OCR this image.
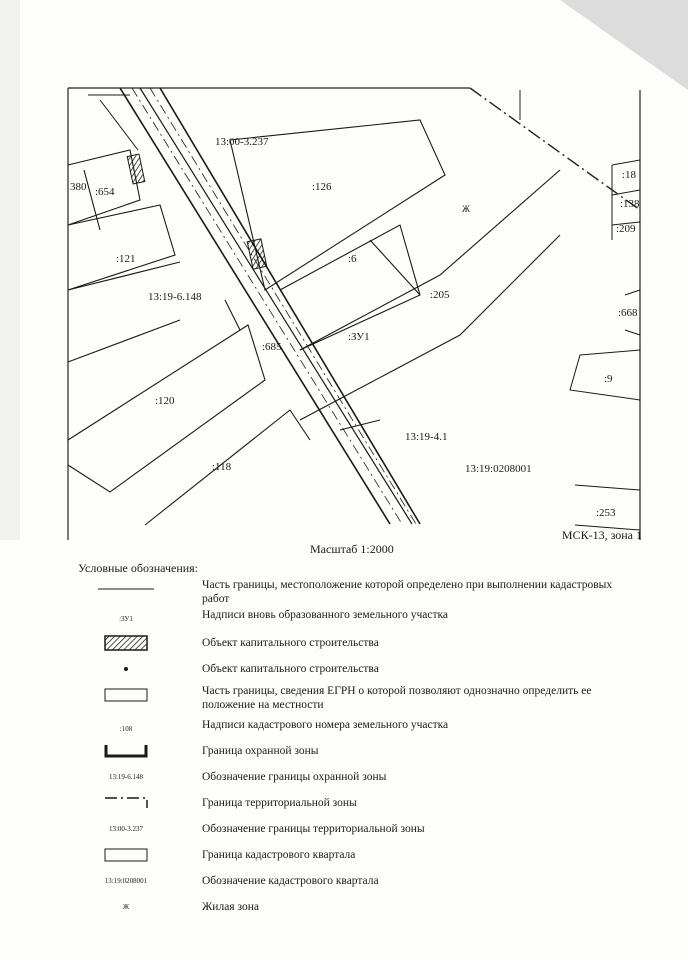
13:00-3.237
380 :654
:121
:126
:6
13:19-6.148	:205
:685
:ЗУ1
:120
13:19-4.1
:118	13:19:0208001
:18
:138
:209
:668
:9
:253
Ж
Масштаб 1:2000
МСК-13, зона 1
Условные обозначения:
Часть границы, местоположение которой определено при выполнении кадастровых работ
:ЗУ1	Надписи вновь образованного земельного участка
Объект капитального строительства
Объект капитального строительства
Часть границы, сведения ЕГРН о которой позволяют однозначно определить ее положение на местности
:108	Надписи кадастрового номера земельного участка
Граница охранной зоны
13:19-6.148	Обозначение границы охранной зоны
Граница территориальной зоны
13:00-3.237	Обозначение границы территориальной зоны
Граница кадастрового квартала
13:19:0208001	Обозначение кадастрового квартала
Ж	Жилая зона
